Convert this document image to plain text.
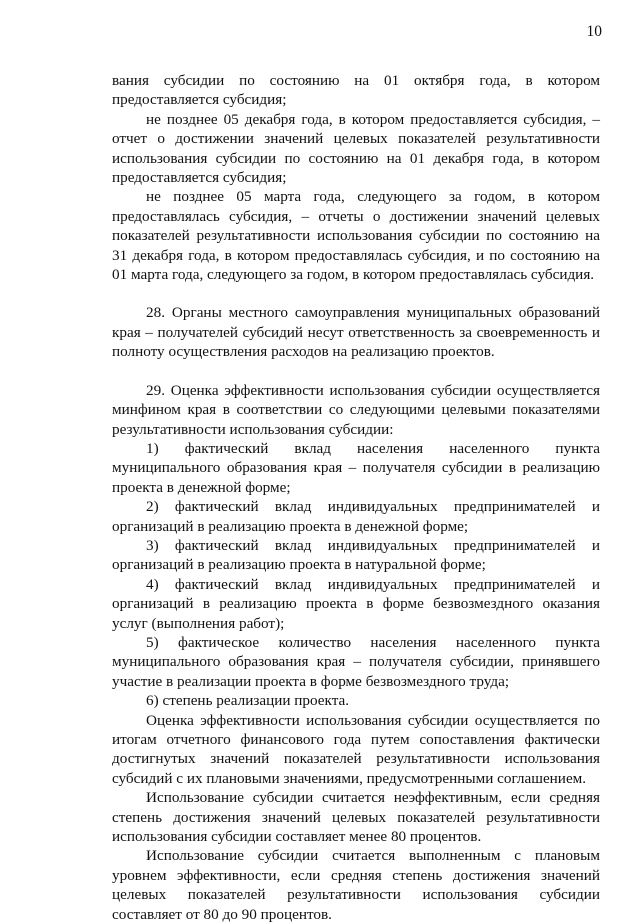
10

вания субсидии по состоянию на 01 октября года, в котором предоставляется субсидия;

не позднее 05 декабря года, в котором предоставляется субсидия, – отчет о достижении значений целевых показателей результативности использования субсидии по состоянию на 01 декабря года, в котором предоставляется субсидия;

не позднее 05 марта года, следующего за годом, в котором предоставлялась субсидия, – отчеты о достижении значений целевых показателей результативности использования субсидии по состоянию на 31 декабря года, в котором предоставлялась субсидия, и по состоянию на 01 марта года, следующего за годом, в котором предоставлялась субсидия.

28. Органы местного самоуправления муниципальных образований края – получателей субсидий несут ответственность за своевременность и полноту осуществления расходов на реализацию проектов.

29. Оценка эффективности использования субсидии осуществляется минфином края в соответствии со следующими целевыми показателями результативности использования субсидии:

1) фактический вклад населения населенного пункта муниципального образования края – получателя субсидии в реализацию проекта в денежной форме;

2) фактический вклад индивидуальных предпринимателей и организаций в реализацию проекта в денежной форме;

3) фактический вклад индивидуальных предпринимателей и организаций в реализацию проекта в натуральной форме;

4) фактический вклад индивидуальных предпринимателей и организаций в реализацию проекта в форме безвозмездного оказания услуг (выполнения работ);

5) фактическое количество населения населенного пункта муниципального образования края – получателя субсидии, принявшего участие в реализации проекта в форме безвозмездного труда;

6) степень реализации проекта.

Оценка эффективности использования субсидии осуществляется по итогам отчетного финансового года путем сопоставления фактически достигнутых значений показателей результативности использования субсидий с их плановыми значениями, предусмотренными соглашением.

Использование субсидии считается неэффективным, если средняя степень достижения значений целевых показателей результативности использования субсидии составляет менее 80 процентов.

Использование субсидии считается выполненным с плановым уровнем эффективности, если средняя степень достижения значений целевых показателей результативности использования субсидии составляет от 80 до 90 процентов.
